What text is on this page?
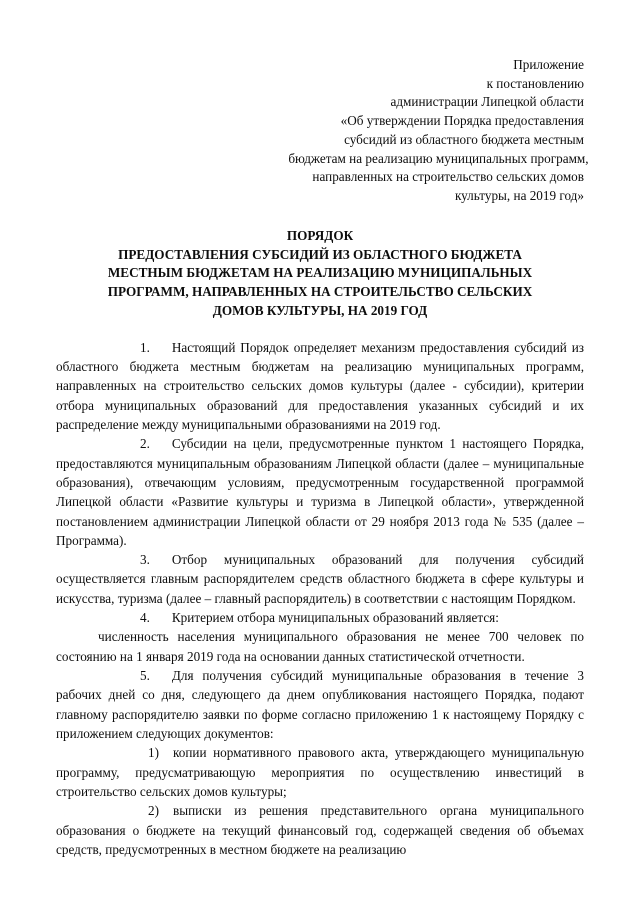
Приложение
к постановлению
администрации Липецкой области
«Об утверждении Порядка предоставления
субсидий из областного бюджета местным
бюджетам на реализацию муниципальных программ,
направленных на строительство сельских домов
культуры, на 2019 год»
ПОРЯДОК
ПРЕДОСТАВЛЕНИЯ СУБСИДИЙ ИЗ ОБЛАСТНОГО БЮДЖЕТА
МЕСТНЫМ БЮДЖЕТАМ НА РЕАЛИЗАЦИЮ МУНИЦИПАЛЬНЫХ
ПРОГРАММ, НАПРАВЛЕННЫХ НА СТРОИТЕЛЬСТВО СЕЛЬСКИХ
ДОМОВ КУЛЬТУРЫ, НА 2019 ГОД

1. Настоящий Порядок определяет механизм предоставления субсидий из областного бюджета местным бюджетам на реализацию муниципальных программ, направленных на строительство сельских домов культуры (далее - субсидии), критерии отбора муниципальных образований для предоставления указанных субсидий и их распределение между муниципальными образованиями на 2019 год.

2. Субсидии на цели, предусмотренные пунктом 1 настоящего Порядка, предоставляются муниципальным образованиям Липецкой области (далее – муниципальные образования), отвечающим условиям, предусмотренным государственной программой Липецкой области «Развитие культуры и туризма в Липецкой области», утвержденной постановлением администрации Липецкой области от 29 ноября 2013 года № 535 (далее – Программа).

3. Отбор муниципальных образований для получения субсидий осуществляется главным распорядителем средств областного бюджета в сфере культуры и искусства, туризма (далее – главный распорядитель) в соответствии с настоящим Порядком.

4. Критерием отбора муниципальных образований является:

численность населения муниципального образования не менее 700 человек по состоянию на 1 января 2019 года на основании данных статистической отчетности.

5. Для получения субсидий муниципальные образования в течение 3 рабочих дней со дня, следующего да днем опубликования настоящего Порядка, подают главному распорядителю заявки по форме согласно приложению 1 к настоящему Порядку с приложением следующих документов:

1) копии нормативного правового акта, утверждающего муниципальную программу, предусматривающую мероприятия по осуществлению инвестиций в строительство сельских домов культуры;

2) выписки из решения представительного органа муниципального образования о бюджете на текущий финансовый год, содержащей сведения об объемах средств, предусмотренных в местном бюджете на реализацию
